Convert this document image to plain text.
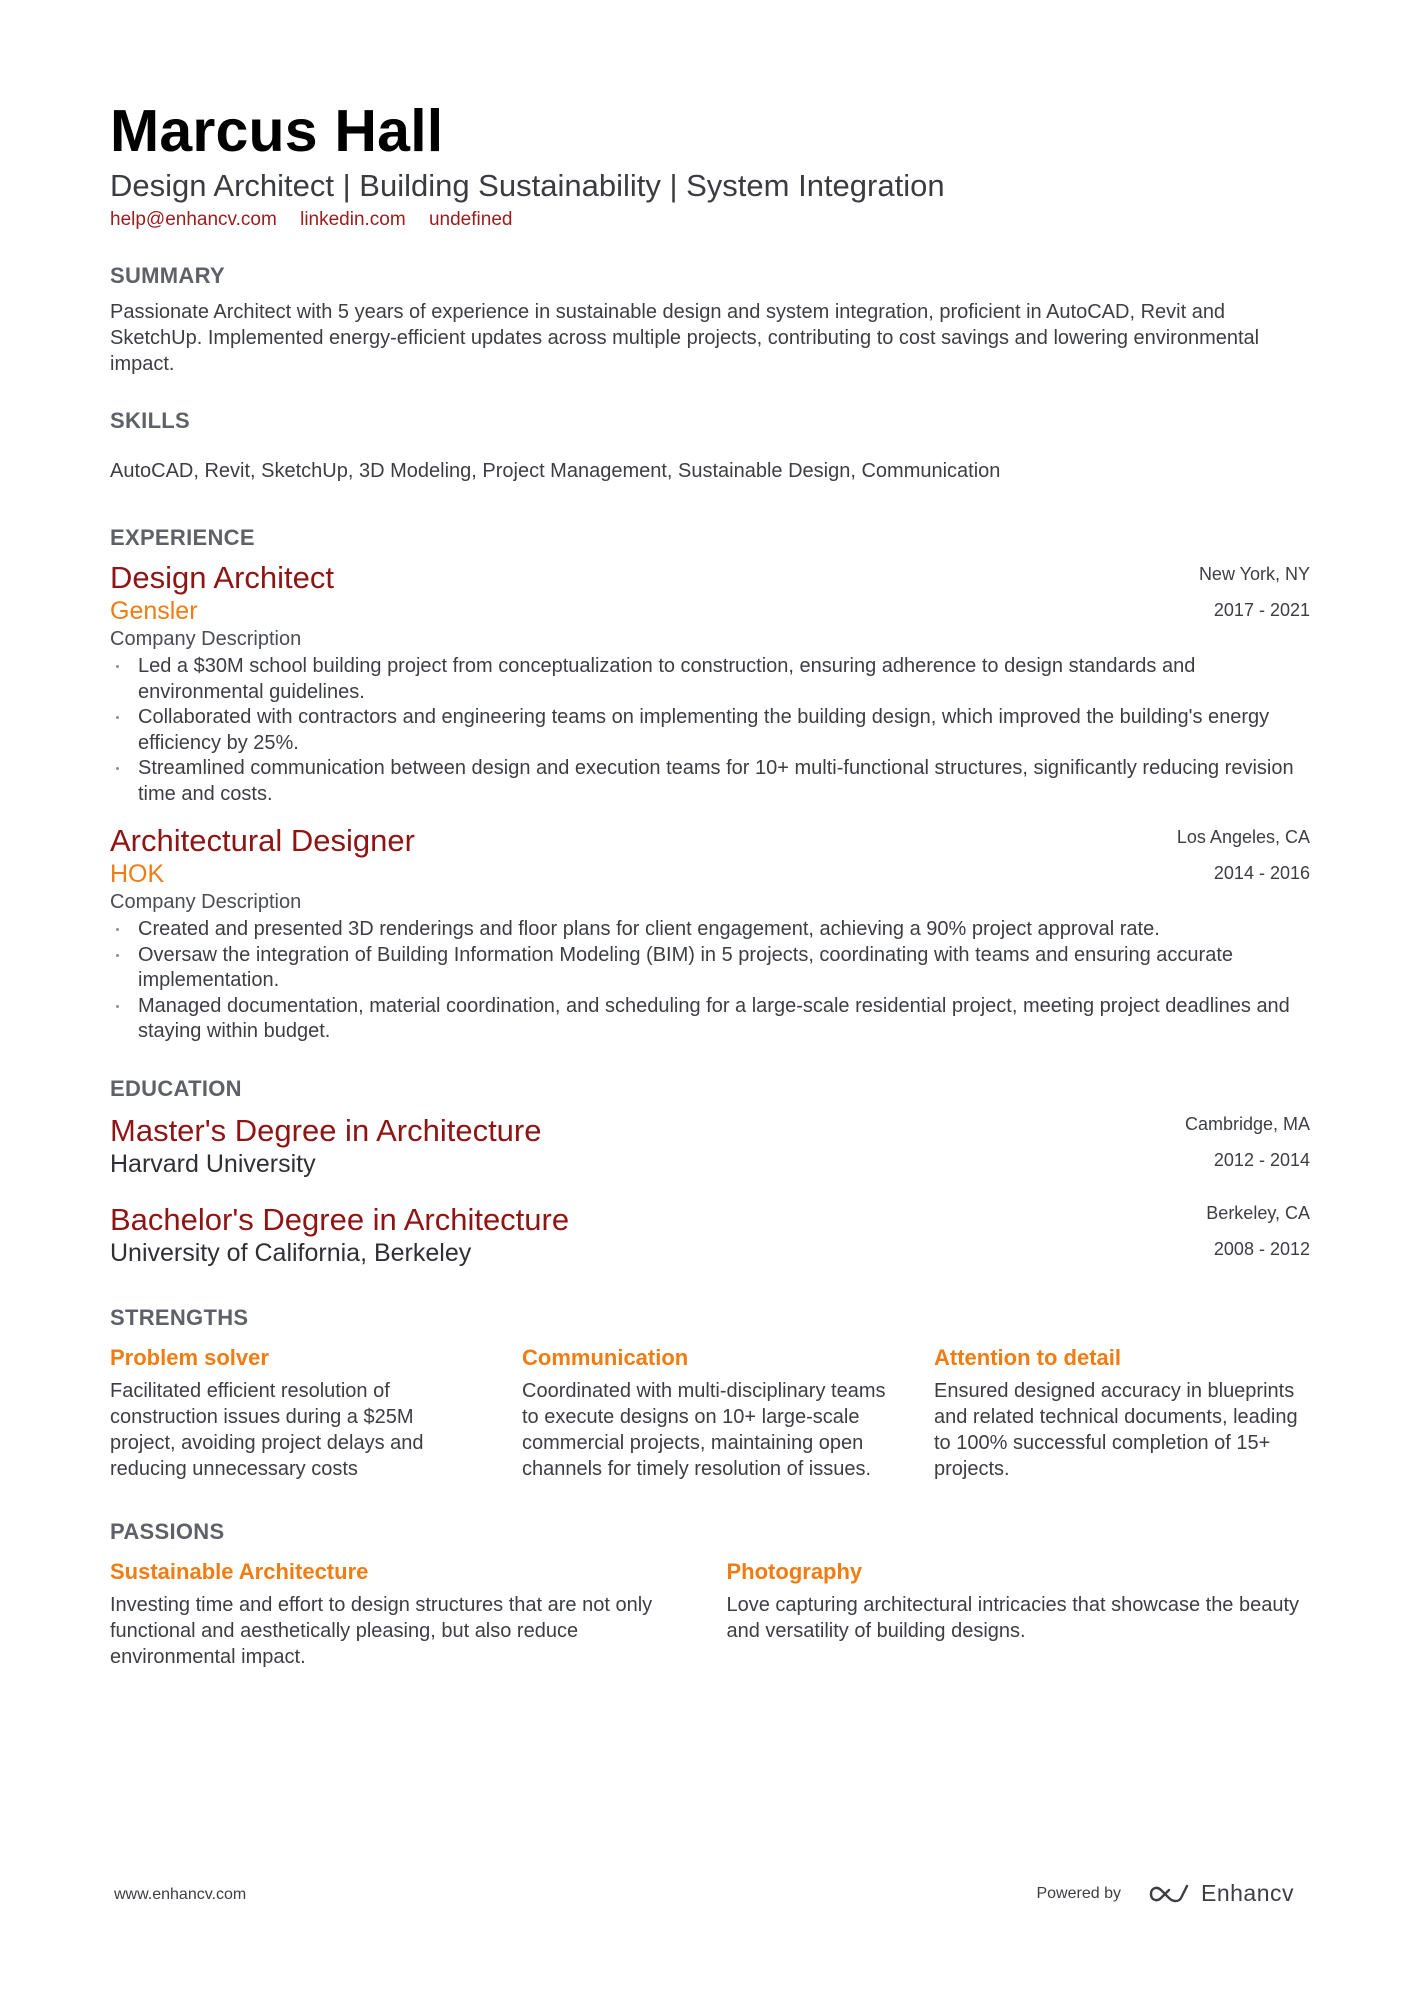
Marcus Hall
Design Architect | Building Sustainability | System Integration
help@enhancv.com linkedin.com undefined
SUMMARY
Passionate Architect with 5 years of experience in sustainable design and system integration, proficient in AutoCAD, Revit and SketchUp. Implemented energy-efficient updates across multiple projects, contributing to cost savings and lowering environmental impact.
SKILLS
AutoCAD, Revit, SketchUp, 3D Modeling, Project Management, Sustainable Design, Communication
EXPERIENCE
New York, NY
2017 - 2021
Design Architect
Gensler
Company Description
Led a $30M school building project from conceptualization to construction, ensuring adherence to design standards and environmental guidelines.
Collaborated with contractors and engineering teams on implementing the building design, which improved the building's energy efficiency by 25%.
Streamlined communication between design and execution teams for 10+ multi-functional structures, significantly reducing revision time and costs.
Los Angeles, CA
2014 - 2016
Architectural Designer
HOK
Company Description
Created and presented 3D renderings and floor plans for client engagement, achieving a 90% project approval rate.
Oversaw the integration of Building Information Modeling (BIM) in 5 projects, coordinating with teams and ensuring accurate implementation.
Managed documentation, material coordination, and scheduling for a large-scale residential project, meeting project deadlines and staying within budget.
EDUCATION
Cambridge, MA
2012 - 2014
Master's Degree in Architecture
Harvard University
Berkeley, CA
2008 - 2012
Bachelor's Degree in Architecture
University of California, Berkeley
STRENGTHS
Problem solver
Facilitated efficient resolution of construction issues during a $25M project, avoiding project delays and reducing unnecessary costs
Communication
Coordinated with multi-disciplinary teams to execute designs on 10+ large-scale commercial projects, maintaining open channels for timely resolution of issues.
Attention to detail
Ensured designed accuracy in blueprints and related technical documents, leading to 100% successful completion of 15+ projects.
PASSIONS
Sustainable Architecture
Investing time and effort to design structures that are not only functional and aesthetically pleasing, but also reduce environmental impact.
Photography
Love capturing architectural intricacies that showcase the beauty and versatility of building designs.
www.enhancv.com	Powered by	Enhancv
